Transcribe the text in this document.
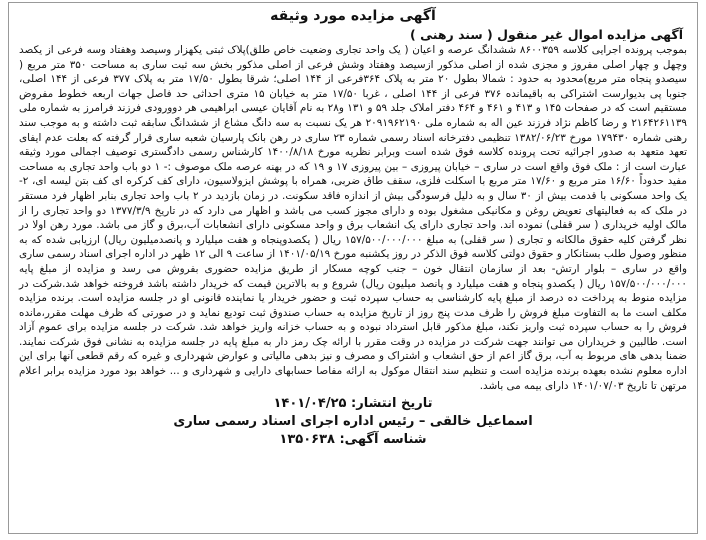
آگهی مزایده مورد وثیقه
آگهی مزایده اموال غیر منقول ( سند رهنی )

بموجب پرونده اجرایی کلاسه ۸۶۰۰۳۵۹ ششدانگ عرصه و اعیان ( یک واحد تجاری وضعیت خاص طلق)پلاک ثبتی یکهزار وسیصد وهفتاد وسه فرعی از یکصد وچهل و چهار اصلی مفروز و مجزی شده از اصلی مذکور ازسیصد وهفتاد وشش فرعی از اصلی مذکور بخش سه ثبت ساری به مساحت ۳۵۰ متر مربع ( سیصدو پنجاه متر مربع)محدود به حدود : شمالا بطول ۲۰ متر به پلاک ۳۶۴فرعی از ۱۴۴ اصلی؛ شرقا بطول ۱۷/۵۰ متر به پلاک ۳۷۷ فرعی از ۱۴۴ اصلی، جنوبا پی بدیوارست اشتراکی به باقیمانده ۳۷۶ فرعی از ۱۴۴ اصلی ، غربا ۱۷/۵۰ متر به خیابان ۱۵ متری احداثی حد فاصل جهات اربعه خطوط مفروض مستقیم است که در صفحات ۱۴۵ و ۴۱۳ و ۴۶۱ و ۴۶۴ دفتر املاک جلد ۵۹ و ۱۳۱ و۲۸ به نام آقایان عیسی ابراهیمی هر دوورودی فرزند فرامرز به شماره ملی ۲۱۶۴۲۶۱۱۳۹ و رضا کاظم نژاد فرزند عین اله به شماره ملی ۲۰۹۱۹۶۲۱۹۰ هر یک نسبت به سه دانگ مشاع از ششدانگ سابقه ثبت داشته و به موجب سند رهنی شماره ۱۷۹۴۳۰ مورخ ۱۳۸۲/۰۶/۲۳ تنظیمی دفترخانه اسناد رسمی شماره ۲۳ ساری در رهن بانک پارسیان شعبه ساری قرار گرفته که بعلت عدم ایفای تعهد متعهد به صدور اجرائیه تحت پرونده کلاسه فوق شده است وبرابر نظریه مورخ ۱۴۰۰/۸/۱۸ کارشناس رسمی دادگستری توصیف اجمالی مورد وثیقه عبارت است از : ملک فوق واقع است در ساری – خیابان پیروزی – بین پیروزی ۱۷ و ۱۹ که در بهنه عرصه ملک موصوف :- ۱ دو باب واحد تجاری به مساحت مفید حدوداً ۱۶/۶۰ متر مربع و ۱۷/۶۰ متر مربع با اسکلت فلزی، سقف طاق ضربی، همراه با پوشش ایزولاسیون، دارای کف کرکره ای کف بتن لیسه ای، ۲- یک واحد مسکونی با قدمت بیش از ۳۰ سال و به دلیل فرسودگی بیش از اندازه فاقد سکونت. در زمان بازدید در ۲ باب واحد تجاری بنابر اظهار فرد مستقر در ملک که به فعالیتهای تعویض روغن و مکانیکی مشغول بوده و دارای مجوز کسب می باشد و اظهار می دارد که در تاریخ ۱۳۷۷/۳/۹ دو واحد تجاری را از مالک اولیه خریداری ( سر قفلی) نموده اند. واحد تجاری دارای یک انشعاب برق و واحد مسکونی دارای انشعابات آب،برق و گاز می باشد. مورد رهن اولا در نظر گرفتن کلیه حقوق مالکانه و تجاری ( سر قفلی) به مبلغ ۱۵۷/۵۰۰/۰۰۰/۰۰۰ ریال ( یکصدوپنجاه و هفت میلیارد و پانصدمیلیون ریال) ارزیابی شده که به منظور وصول طلب بستانکار و حقوق دولتی کلاسه فوق الذکر در روز یکشنبه مورخ ۱۴۰۱/۰۵/۱۹ از ساعت ۹ الی ۱۲ ظهر در اداره اجرای اسناد رسمی ساری واقع در ساری – بلوار ارتش- بعد از سازمان انتقال خون – جنب کوچه مسکار از طریق مزایده حضوری بفروش می رسد و مزایده از مبلغ پایه ۱۵۷/۵۰۰/۰۰۰/۰۰۰ ریال ( یکصدو پنجاه و هفت میلیارد و پانصد میلیون ریال) شروع و به بالاترین قیمت که خریدار داشته باشد فروخته خواهد شد.شرکت در مزایده منوط به پرداخت ده درصد از مبلغ پایه کارشناسی به حساب سپرده ثبت و حضور خریدار یا نماینده قانونی او در جلسه مزایده است. برنده مزایده مکلف است ما به التفاوت مبلغ فروش را ظرف مدت پنج روز از تاریخ مزایده به حساب صندوق ثبت تودیع نماید و در صورتی که ظرف مهلت مقرر،مانده فروش را به حساب سپرده ثبت واریز نکند، مبلغ مذکور قابل استرداد نبوده و به حساب خزانه واریز خواهد شد. شرکت در جلسه مزایده برای عموم آزاد است. طالبین و خریداران می توانند جهت شرکت در مزایده در وقت مقرر با ارائه چک رمز دار به مبلغ پایه در جلسه مزایده به نشانی فوق شرکت نمایند. ضمنا بدهی های مربوط به آب، برق گاز اعم از حق انشعاب و اشتراک و مصرف و نیز بدهی مالیاتی و عوارض شهرداری و غیره که رقم قطعی آنها برای این اداره معلوم نشده بعهده برنده مزایده است و تنظیم سند انتقال موکول به ارائه مفاصا حسابهای دارایی و شهرداری و ... خواهد بود مورد مزایده برابر اعلام مرتهن تا تاریخ ۱۴۰۱/۰۷/۰۳ دارای بیمه می باشد.

تاریخ انتشار: ۱۴۰۱/۰۴/۲۵
اسماعیل خالقی – رئیس اداره اجرای اسناد رسمی ساری
شناسه آگهی: ۱۳۵۰۶۳۸
